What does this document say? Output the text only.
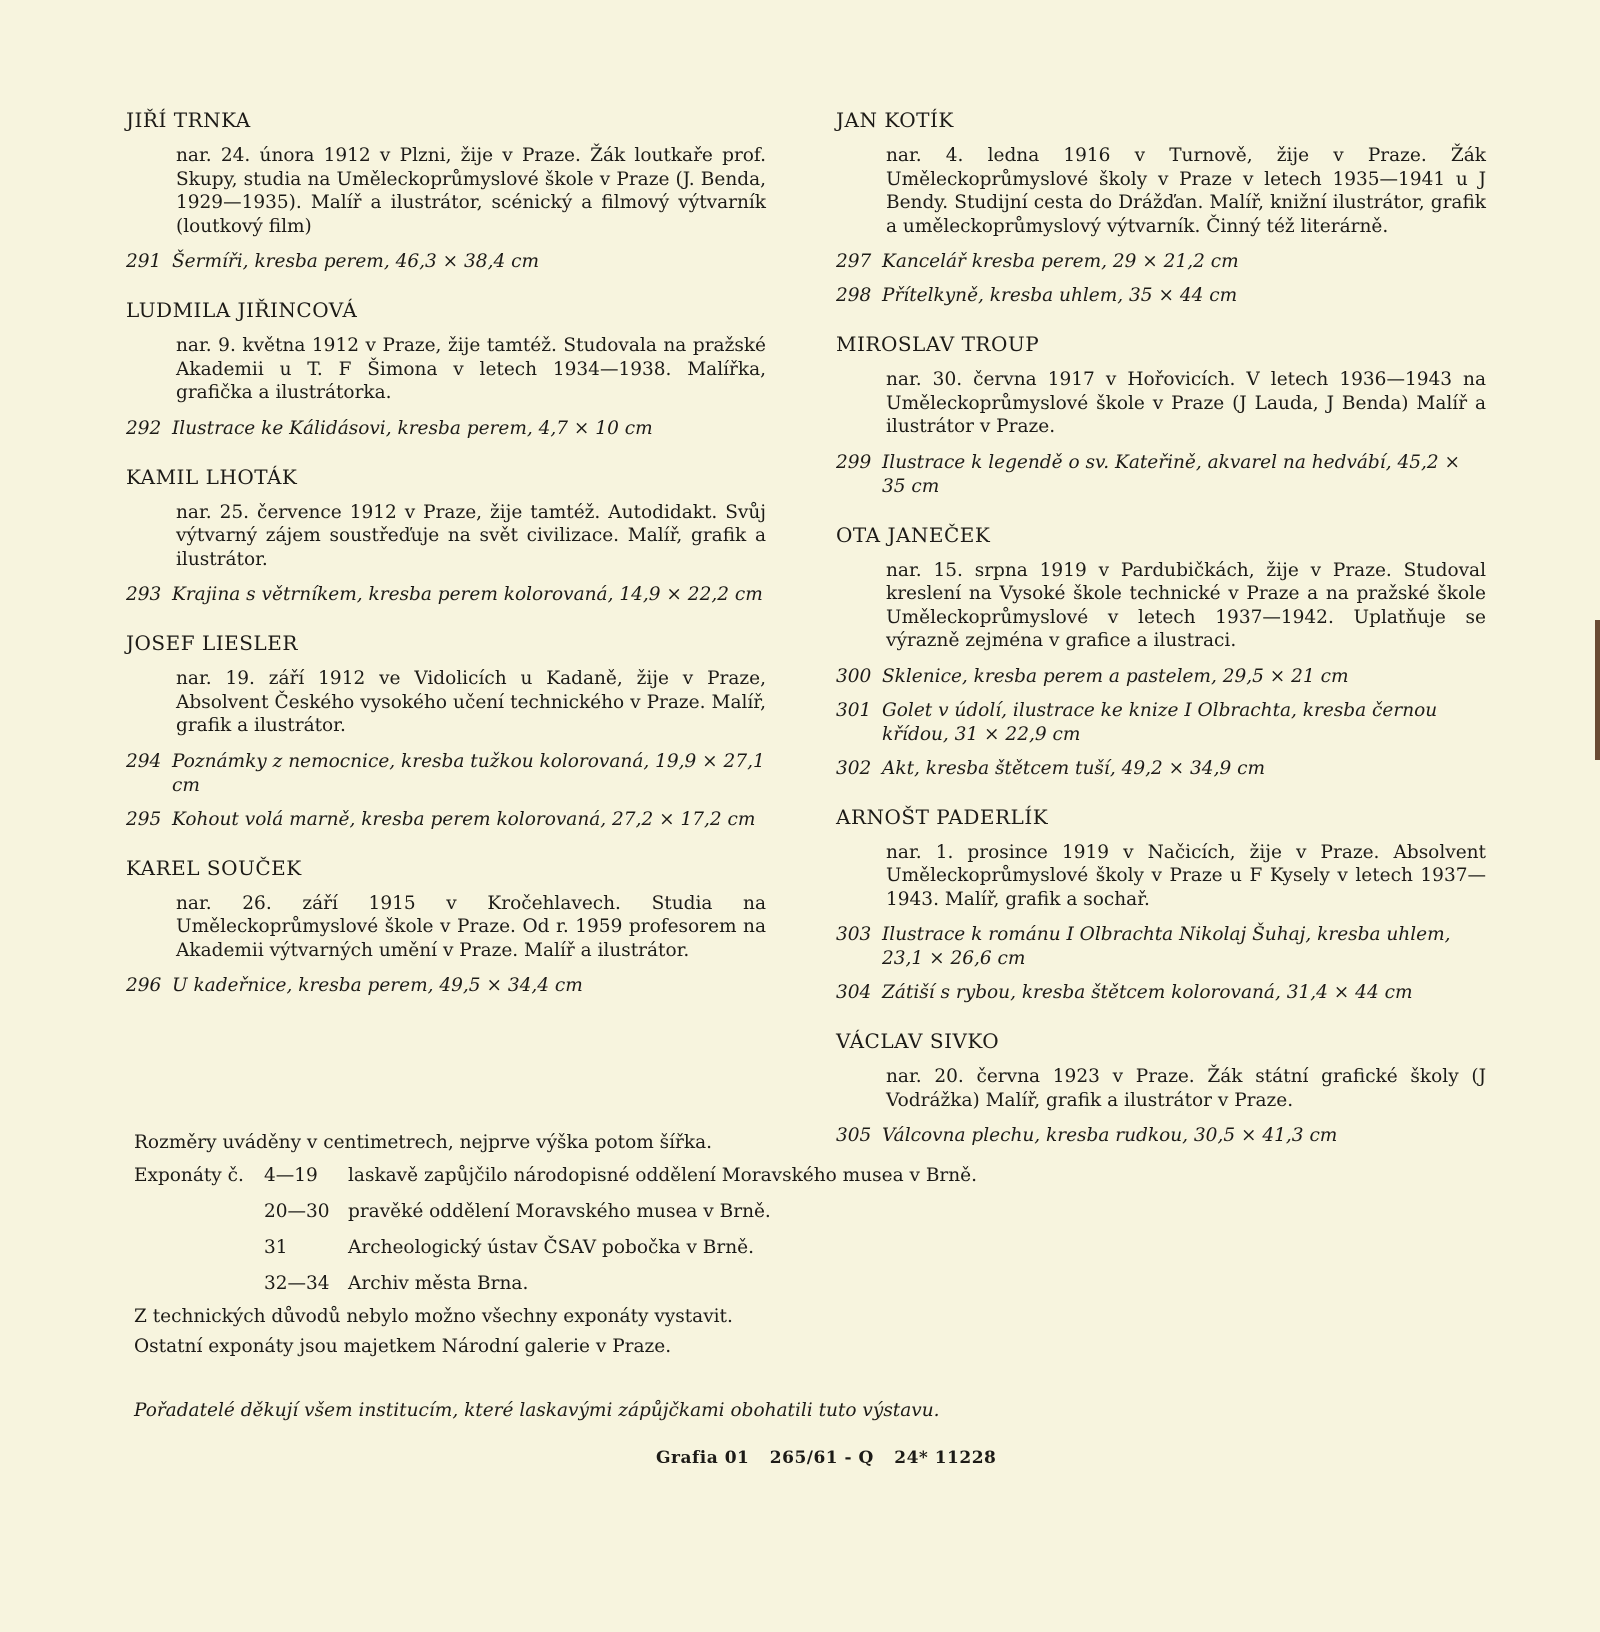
JIŘÍ TRNKA

nar. 24. února 1912 v Plzni, žije v Praze. Žák loutkaře prof. Skupy, studia na Uměleckoprůmyslové škole v Praze (J. Benda, 1929—1935). Malíř a ilustrátor, scénický a filmový výtvarník (loutkový film)

291 Šermíři, kresba perem, 46,3 × 38,4 cm
LUDMILA JIŘINCOVÁ

nar. 9. května 1912 v Praze, žije tamtéž. Studovala na pražské Akademii u T. F Šimona v letech 1934—1938. Malířka, grafička a ilustrátorka.

292 Ilustrace ke Kálidásovi, kresba perem, 4,7 × 10 cm
KAMIL LHOTÁK

nar. 25. července 1912 v Praze, žije tamtéž. Autodidakt. Svůj výtvarný zájem soustřeďuje na svět civilizace. Malíř, grafik a ilustrátor.

293 Krajina s větrníkem, kresba perem kolorovaná, 14,9 × 22,2 cm
JOSEF LIESLER

nar. 19. září 1912 ve Vidolicích u Kadaně, žije v Praze, Absolvent Českého vysokého učení technického v Praze. Malíř, grafik a ilustrátor.

294 Poznámky z nemocnice, kresba tužkou kolorovaná, 19,9 × 27,1 cm
295 Kohout volá marně, kresba perem kolorovaná, 27,2 × 17,2 cm
KAREL SOUČEK

nar. 26. září 1915 v Kročehlavech. Studia na Uměleckoprůmyslové škole v Praze. Od r. 1959 profesorem na Akademii výtvarných umění v Praze. Malíř a ilustrátor.

296 U kadeřnice, kresba perem, 49,5 × 34,4 cm
JAN KOTÍK

nar. 4. ledna 1916 v Turnově, žije v Praze. Žák Uměleckoprůmyslové školy v Praze v letech 1935—1941 u J Bendy. Studijní cesta do Drážďan. Malíř, knižní ilustrátor, grafik a uměleckoprůmyslový výtvarník. Činný též literárně.

297 Kancelář kresba perem, 29 × 21,2 cm
298 Přítelkyně, kresba uhlem, 35 × 44 cm
MIROSLAV TROUP

nar. 30. června 1917 v Hořovicích. V letech 1936—1943 na Uměleckoprůmyslové škole v Praze (J Lauda, J Benda) Malíř a ilustrátor v Praze.

299 Ilustrace k legendě o sv. Kateřině, akvarel na hedvábí, 45,2 × 35 cm
OTA JANEČEK

nar. 15. srpna 1919 v Pardubičkách, žije v Praze. Studoval kreslení na Vysoké škole technické v Praze a na pražské škole Uměleckoprůmyslové v letech 1937—1942. Uplatňuje se výrazně zejména v grafice a ilustraci.

300 Sklenice, kresba perem a pastelem, 29,5 × 21 cm
301 Golet v údolí, ilustrace ke knize I Olbrachta, kresba černou křídou, 31 × 22,9 cm
302 Akt, kresba štětcem tuší, 49,2 × 34,9 cm
ARNOŠT PADERLÍK

nar. 1. prosince 1919 v Načicích, žije v Praze. Absolvent Uměleckoprůmyslové školy v Praze u F Kysely v letech 1937—1943. Malíř, grafik a sochař.

303 Ilustrace k románu I Olbrachta Nikolaj Šuhaj, kresba uhlem, 23,1 × 26,6 cm
304 Zátiší s rybou, kresba štětcem kolorovaná, 31,4 × 44 cm
VÁCLAV SIVKO

nar. 20. června 1923 v Praze. Žák státní grafické školy (J Vodrážka) Malíř, grafik a ilustrátor v Praze.

305 Válcovna plechu, kresba rudkou, 30,5 × 41,3 cm

Rozměry uváděny v centimetrech, nejprve výška potom šířka.

Exponáty č.	4—19	laskavě zapůjčilo národopisné oddělení Moravského musea v Brně.
20—30 pravěké oddělení Moravského musea v Brně.
31	Archeologický ústav ČSAV pobočka v Brně.
32—34 Archiv města Brna.

Z technických důvodů nebylo možno všechny exponáty vystavit.

Ostatní exponáty jsou majetkem Národní galerie v Praze.

Pořadatelé děkují všem institucím, které laskavými zápůjčkami obohatili tuto výstavu.
Grafia 01 265/61 - Q 24* 11228
